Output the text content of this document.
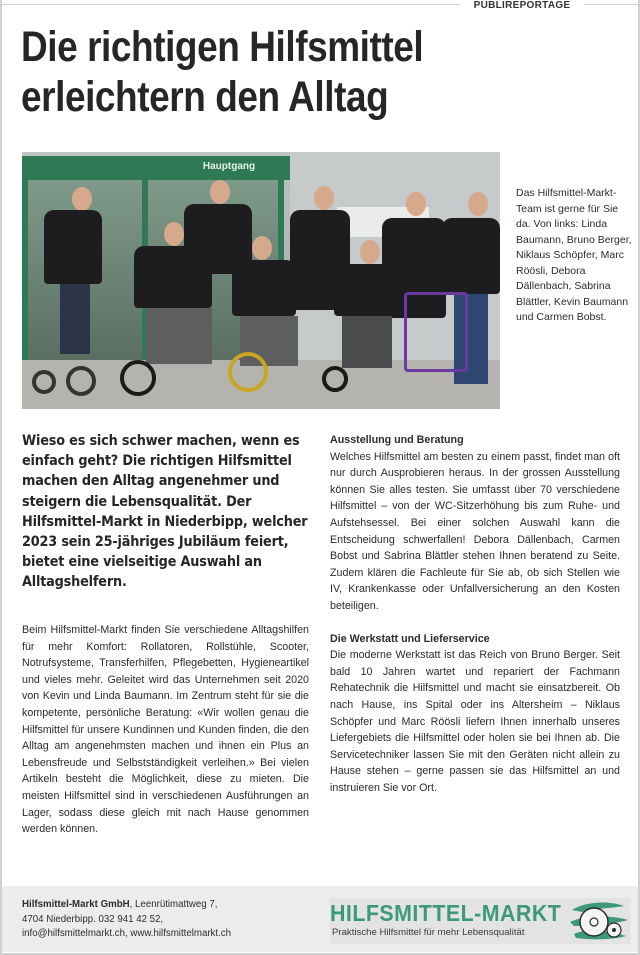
PUBLIREPORTAGE
Die richtigen Hilfsmittel
erleichtern den Alltag
Hauptgang

Das Hilfsmittel-Markt-Team ist gerne für Sie da. Von links: Linda Baumann, Bruno Berger, Niklaus Schöpfer, Marc Röösli, Debora Dällenbach, Sabrina Blättler, Kevin Baumann und Carmen Bobst.

Wieso es sich schwer machen, wenn es einfach geht? Die richtigen Hilfsmittel machen den Alltag angenehmer und steigern die Lebensqualität. Der Hilfsmittel-Markt in Niederbipp, welcher 2023 sein 25-jähriges Jubiläum feiert, bietet eine vielseitige Auswahl an Alltagshelfern.

Beim Hilfsmittel-Markt finden Sie verschiedene Alltagshilfen für mehr Komfort: Rollatoren, Rollstühle, Scooter, Notrufsysteme, Transferhilfen, Pflegebetten, Hygieneartikel und vieles mehr. Geleitet wird das Unternehmen seit 2020 von Kevin und Linda Baumann. Im Zentrum steht für sie die kompetente, persönliche Beratung: «Wir wollen genau die Hilfsmittel für unsere Kundinnen und Kunden finden, die den Alltag am angenehmsten machen und ihnen ein Plus an Lebensfreude und Selbstständigkeit verleihen.» Bei vielen Artikeln besteht die Möglichkeit, diese zu mieten. Die meisten Hilfsmittel sind in verschiedenen Ausführungen an Lager, sodass diese gleich mit nach Hause genommen werden können.

Ausstellung und Beratung

Welches Hilfsmittel am besten zu einem passt, findet man oft nur durch Ausprobieren heraus. In der grossen Ausstellung können Sie alles testen. Sie umfasst über 70 verschiedene Hilfsmittel – von der WC-Sitzerhöhung bis zum Ruhe- und Aufstehsessel. Bei einer solchen Auswahl kann die Entscheidung schwerfallen! Debora Dällenbach, Carmen Bobst und Sabrina Blättler stehen Ihnen beratend zu Seite. Zudem klären die Fachleute für Sie ab, ob sich Stellen wie IV, Krankenkasse oder Unfallversicherung an den Kosten beteiligen.

Die Werkstatt und Lieferservice

Die moderne Werkstatt ist das Reich von Bruno Berger. Seit bald 10 Jahren wartet und repariert der Fachmann Rehatechnik die Hilfsmittel und macht sie einsatzbereit. Ob nach Hause, ins Spital oder ins Altersheim – Niklaus Schöpfer und Marc Röösli liefern Ihnen innerhalb unseres Liefergebiets die Hilfsmittel oder holen sie bei Ihnen ab. Die Servicetechniker lassen Sie mit den Geräten nicht allein zu Hause stehen – gerne passen sie das Hilfsmittel an und instruieren Sie vor Ort.

Hilfsmittel-Markt GmbH, Leenrütimattweg 7,
4704 Niederbipp. 032 941 42 52,
info@hilfsmittelmarkt.ch, www.hilfsmittelmarkt.ch
HILFSMITTEL-MARKT
Praktische Hilfsmittel für mehr Lebensqualität
